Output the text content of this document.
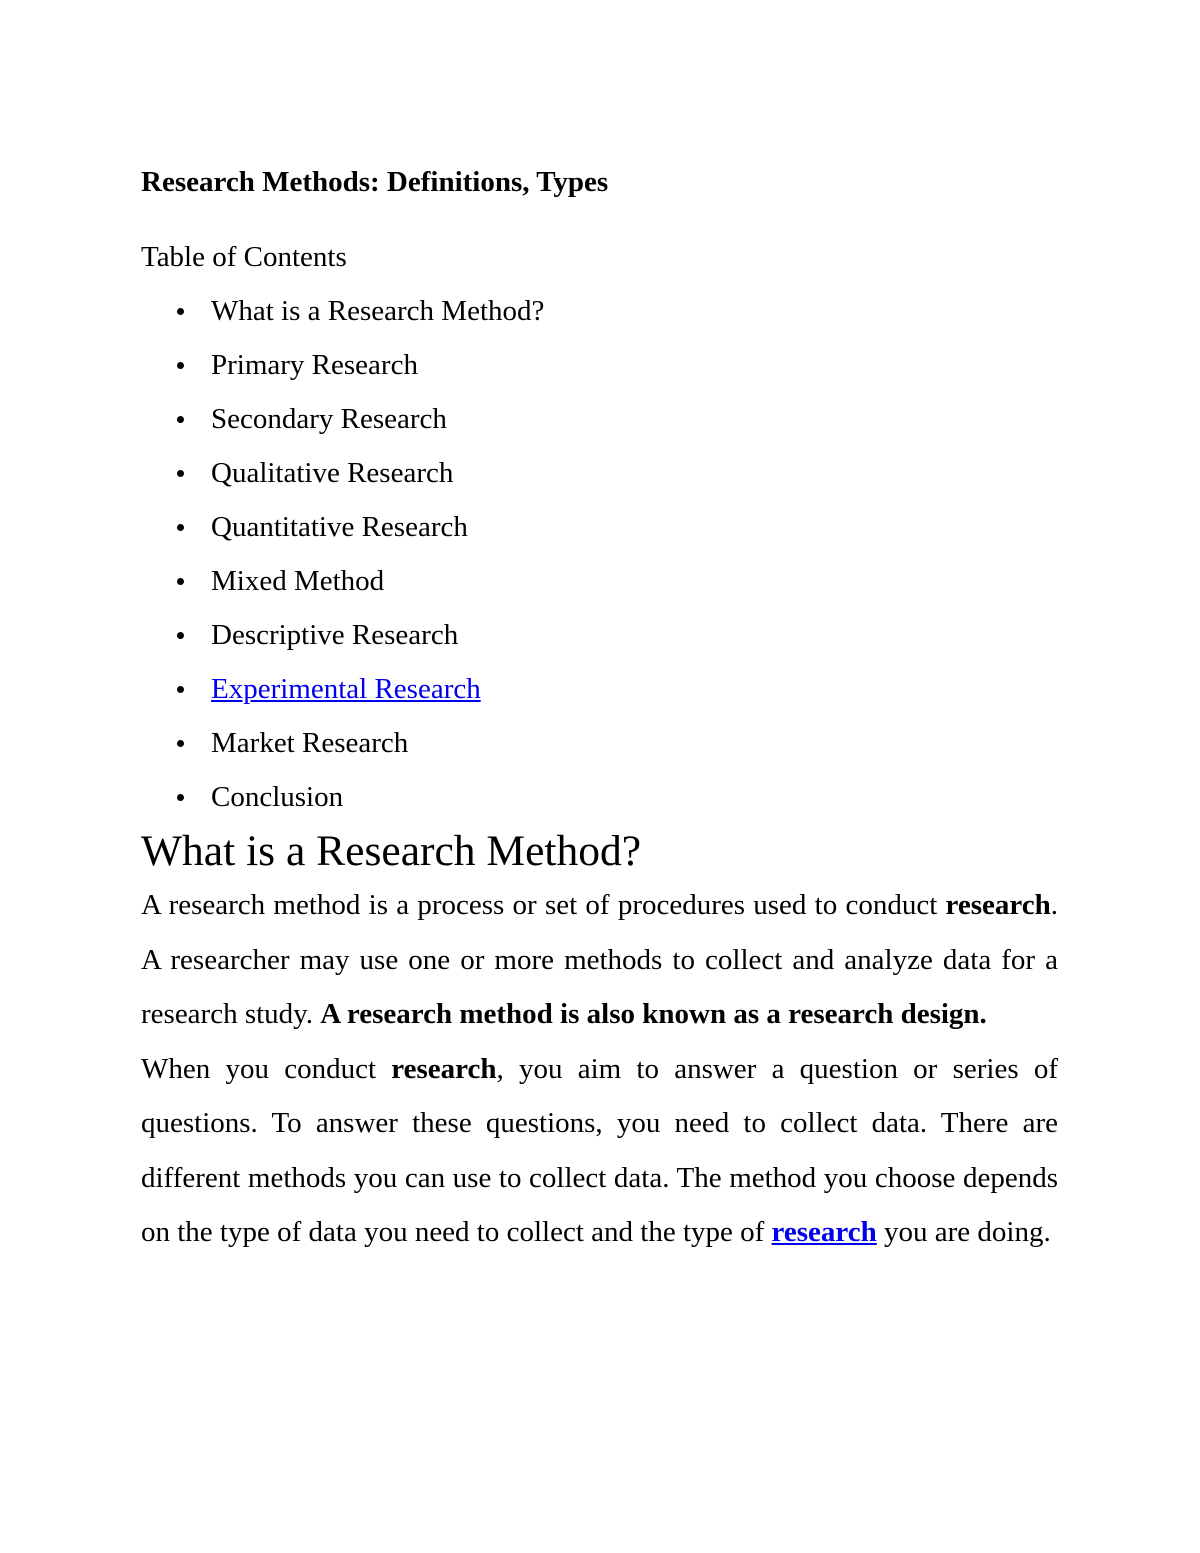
Research Methods: Definitions, Types
Table of Contents
What is a Research Method?
Primary Research
Secondary Research
Qualitative Research
Quantitative Research
Mixed Method
Descriptive Research
Experimental Research
Market Research
Conclusion
What is a Research Method?

A research method is a process or set of procedures used to conduct research. A researcher may use one or more methods to collect and analyze data for a research study. A research method is also known as a research design.

When you conduct research, you aim to answer a question or series of questions. To answer these questions, you need to collect data. There are different methods you can use to collect data. The method you choose depends on the type of data you need to collect and the type of research you are doing.
